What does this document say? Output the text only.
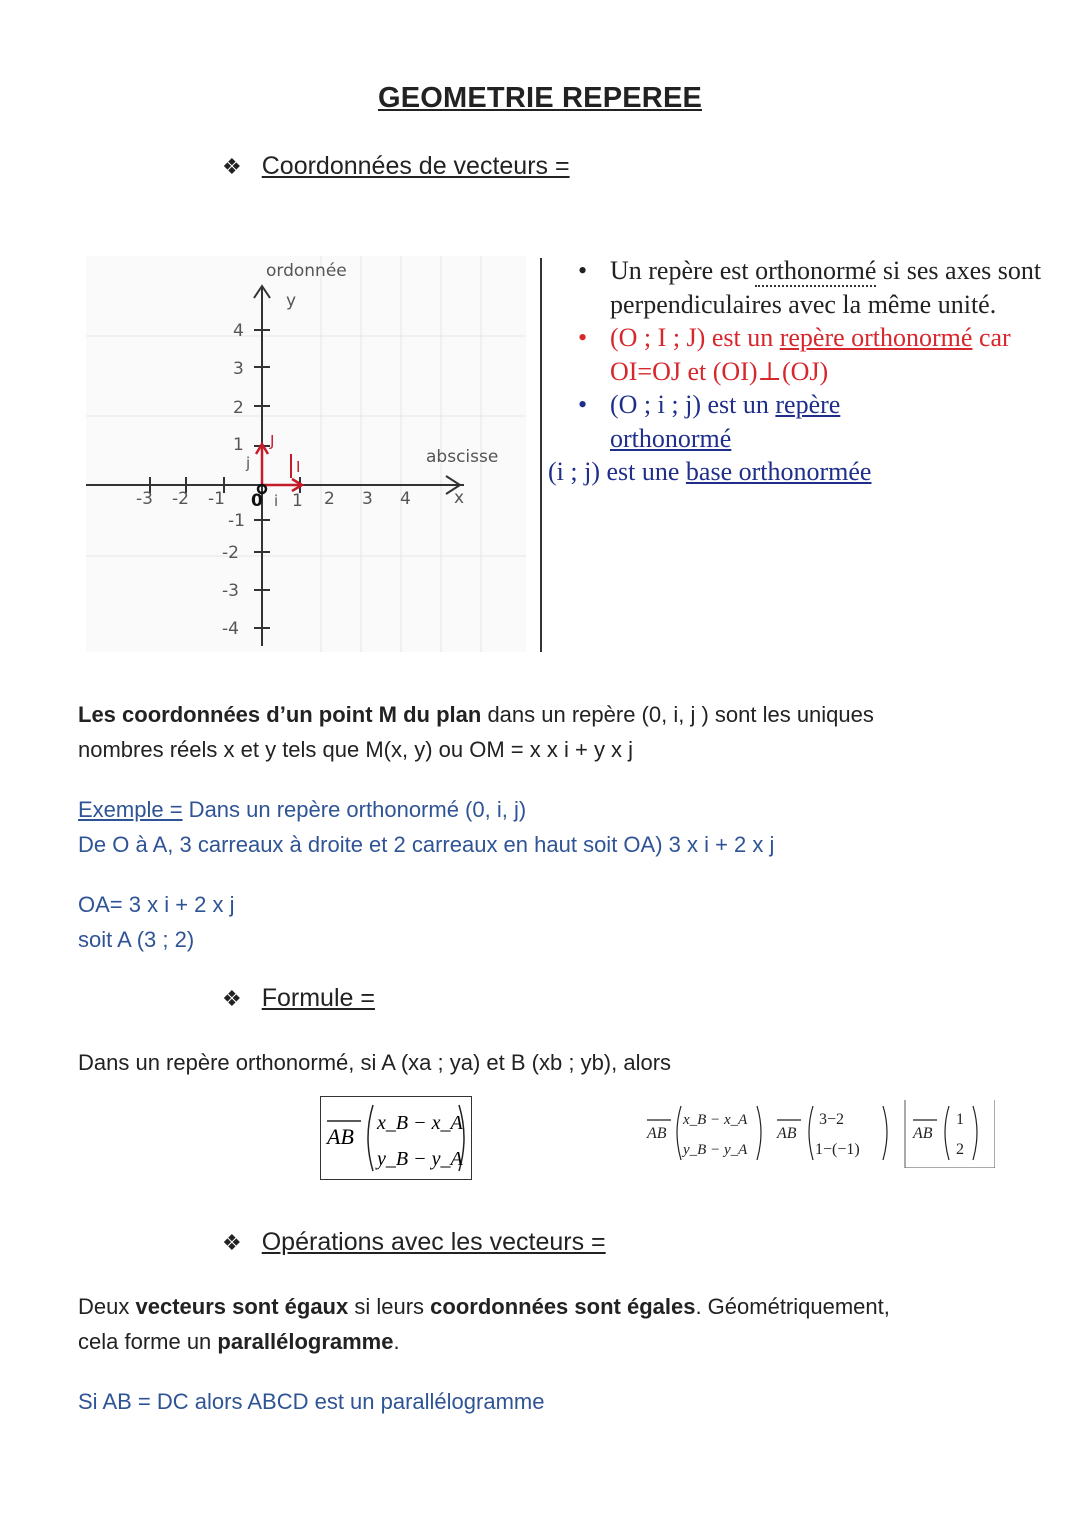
GEOMETRIE REPEREE
❖ Coordonnées de vecteurs =
ordonnée
y
abscisse
x
4
3
2
1
-1
-2
-3
-4
-3 -2 -1	1 2 3 4
0
j
i
J
I
• Un repère est orthonormé si ses axes sont perpendiculaires avec la même unité.
• (O ; I ; J) est un repère orthonormé car OI=OJ et (OI)⊥(OJ)
• (O ; i ; j) est un repère
orthonormé
(i ; j) est une base orthonormée
Les coordonnées d’un point M du plan dans un repère (0, i, j ) sont les uniques
nombres réels x et y tels que M(x, y) ou OM = x x i + y x j
Exemple = Dans un repère orthonormé (0, i, j)
De O à A, 3 carreaux à droite et 2 carreaux en haut soit OA) 3 x i + 2 x j
OA= 3 x i + 2 x j
soit A (3 ; 2)
❖ Formule =
Dans un repère orthonormé, si A (xa ; ya) et B (xb ; yb), alors
AB
x_B − x_A
y_B − y_A
AB
x_B − x_A
y_B − y_A
AB
3−2
1−(−1)
AB
1
2
❖ Opérations avec les vecteurs =
Deux vecteurs sont égaux si leurs coordonnées sont égales. Géométriquement,
cela forme un parallélogramme.
Si AB = DC alors ABCD est un parallélogramme
